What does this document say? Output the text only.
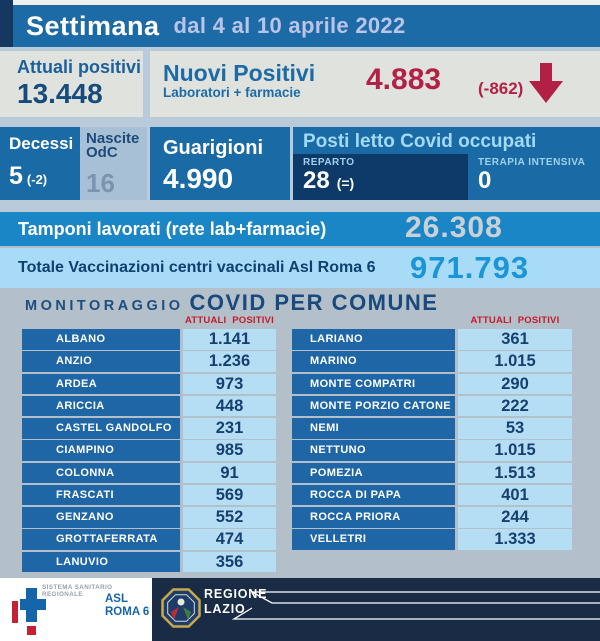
Settimana dal 4 al 10 aprile 2022
Attuali positivi
13.448
Nuovi Positivi
Laboratori + farmacie	4.883 (-862)
Decessi
5 (-2)
Nascite
OdC
16
Guarigioni
4.990
Posti letto Covid occupati
REPARTO
28 (=)
TERAPIA INTENSIVA
0
Tamponi lavorati (rete lab+farmacie)	26.308
Totale Vaccinazioni centri vaccinali Asl Roma 6 971.793
MONITORAGGIO COVID PER COMUNE
ATTUALI POSITIVI	ATTUALI POSITIVI
ALBANO	1.141
ANZIO	1.236
ARDEA	973
ARICCIA	448
CASTEL GANDOLFO	231
CIAMPINO	985
COLONNA	91
FRASCATI	569
GENZANO	552
GROTTAFERRATA	474
LANUVIO	356
LARIANO	361
MARINO	1.015
MONTE COMPATRI	290
MONTE PORZIO CATONE	222
NEMI	53
NETTUNO	1.015
POMEZIA	1.513
ROCCA DI PAPA	401
ROCCA PRIORA	244
VELLETRI	1.333
SISTEMA SANITARIO REGIONALE	ASL
ROMA 6
REGIONE
LAZIO
